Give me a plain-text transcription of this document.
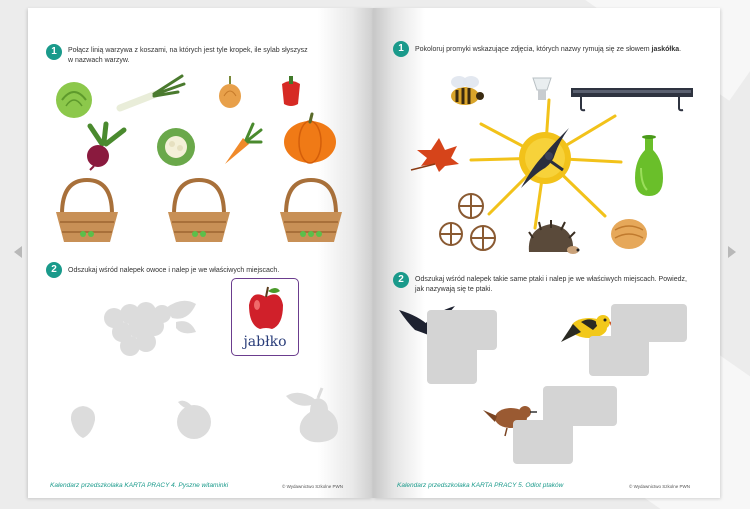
1	Połącz linią warzywa z koszami, na których jest tyle kropek, ile sylab słyszysz
w nazwach warzyw.
2	Odszukaj wśród nalepek owoce i nalep je we właściwych miejscach.
jabłko
Kalendarz przedszkolaka KARTA PRACY 4. Pyszne witaminki	© Wydawnictwo Szkolne PWN
1	Pokoloruj promyki wskazujące zdjęcia, których nazwy rymują się ze słowem jaskółka.
2	Odszukaj wśród nalepek takie same ptaki i nalep je we właściwych miejscach. Powiedz,
jak nazywają się te ptaki.
Kalendarz przedszkolaka KARTA PRACY 5. Odlot ptaków	© Wydawnictwo Szkolne PWN
